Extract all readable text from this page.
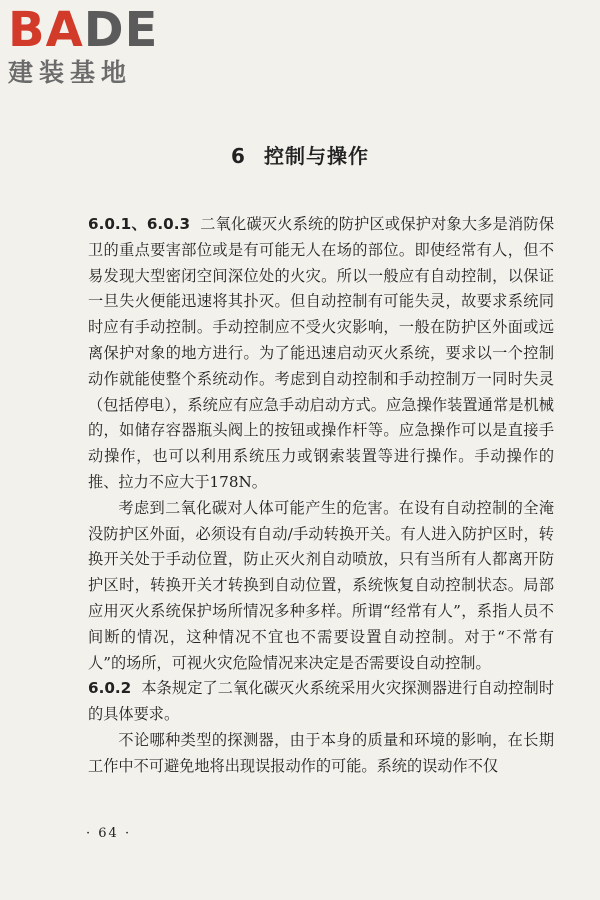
BADE
建装基地
6 控制与操作

6.0.1、6.0.3 二氧化碳灭火系统的防护区或保护对象大多是消防保卫的重点要害部位或是有可能无人在场的部位。即使经常有人，但不易发现大型密闭空间深位处的火灾。所以一般应有自动控制，以保证一旦失火便能迅速将其扑灭。但自动控制有可能失灵，故要求系统同时应有手动控制。手动控制应不受火灾影响，一般在防护区外面或远离保护对象的地方进行。为了能迅速启动灭火系统，要求以一个控制动作就能使整个系统动作。考虑到自动控制和手动控制万一同时失灵（包括停电），系统应有应急手动启动方式。应急操作装置通常是机械的，如储存容器瓶头阀上的按钮或操作杆等。应急操作可以是直接手动操作，也可以利用系统压力或钢索装置等进行操作。手动操作的推、拉力不应大于178N。

考虑到二氧化碳对人体可能产生的危害。在设有自动控制的全淹没防护区外面，必须设有自动/手动转换开关。有人进入防护区时，转换开关处于手动位置，防止灭火剂自动喷放，只有当所有人都离开防护区时，转换开关才转换到自动位置，系统恢复自动控制状态。局部应用灭火系统保护场所情况多种多样。所谓“经常有人”，系指人员不间断的情况，这种情况不宜也不需要设置自动控制。对于“不常有人”的场所，可视火灾危险情况来决定是否需要设自动控制。

6.0.2 本条规定了二氧化碳灭火系统采用火灾探测器进行自动控制时的具体要求。

不论哪种类型的探测器，由于本身的质量和环境的影响，在长期工作中不可避免地将出现误报动作的可能。系统的误动作不仅

· 64 ·
